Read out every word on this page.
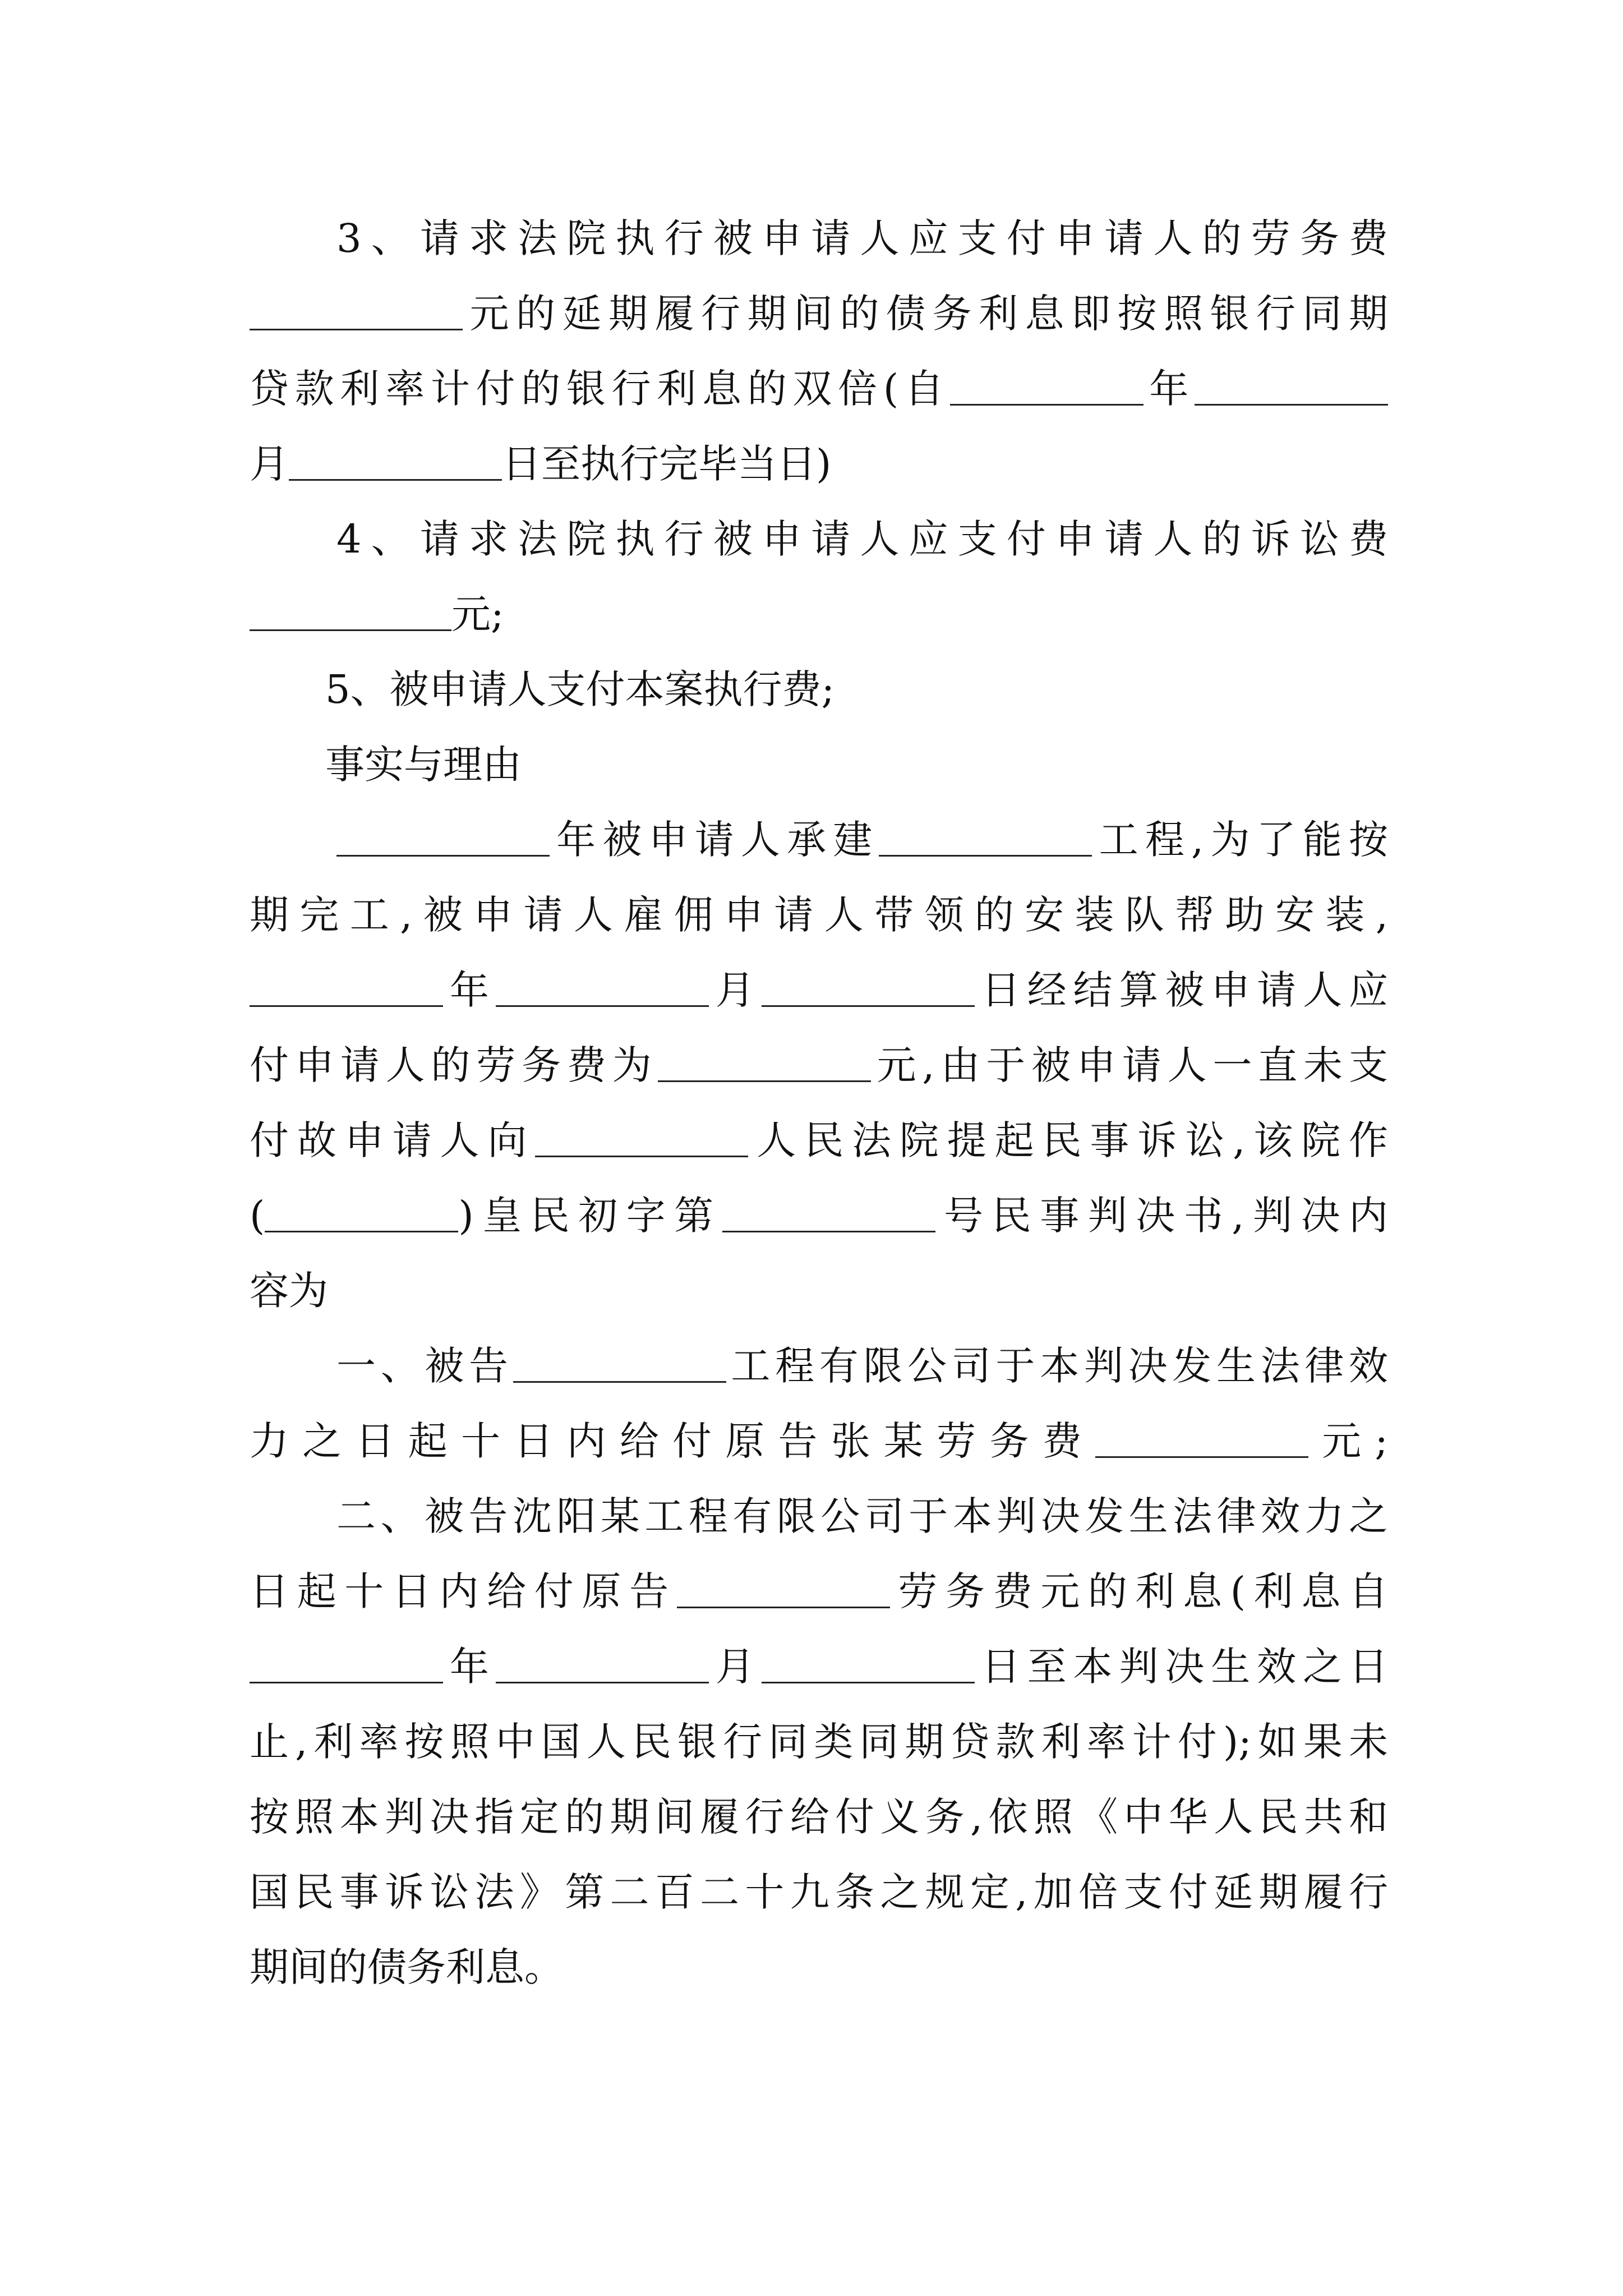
3、请求法院执行被申请人应支付申请人的劳务费
元的延期履行期间的债务利息即按照银行同期
贷款利率计付的银行利息的双倍(自	年
月	日至执行完毕当日)
4、请求法院执行被申请人应支付申请人的诉讼费
元;
5、被申请人支付本案执行费;
事实与理由
年被申请人承建	工程,为了能按
期完工,被申请人雇佣申请人带领的安装队帮助安装,
年	月	日经结算被申请人应
付申请人的劳务费为	元,由于被申请人一直未支
付故申请人向	人民法院提起民事诉讼,该院作
(	)皇民初字第	号民事判决书,判决内
容为
一、被告	工程有限公司于本判决发生法律效
力之日起十日内给付原告张某劳务费	元;
二、被告沈阳某工程有限公司于本判决发生法律效力之
日起十日内给付原告	劳务费元的利息(利息自
年	月	日至本判决生效之日
止,利率按照中国人民银行同类同期贷款利率计付);如果未
按照本判决指定的期间履行给付义务,依照《中华人民共和
国民事诉讼法》第二百二十九条之规定,加倍支付延期履行
期间的债务利息。
